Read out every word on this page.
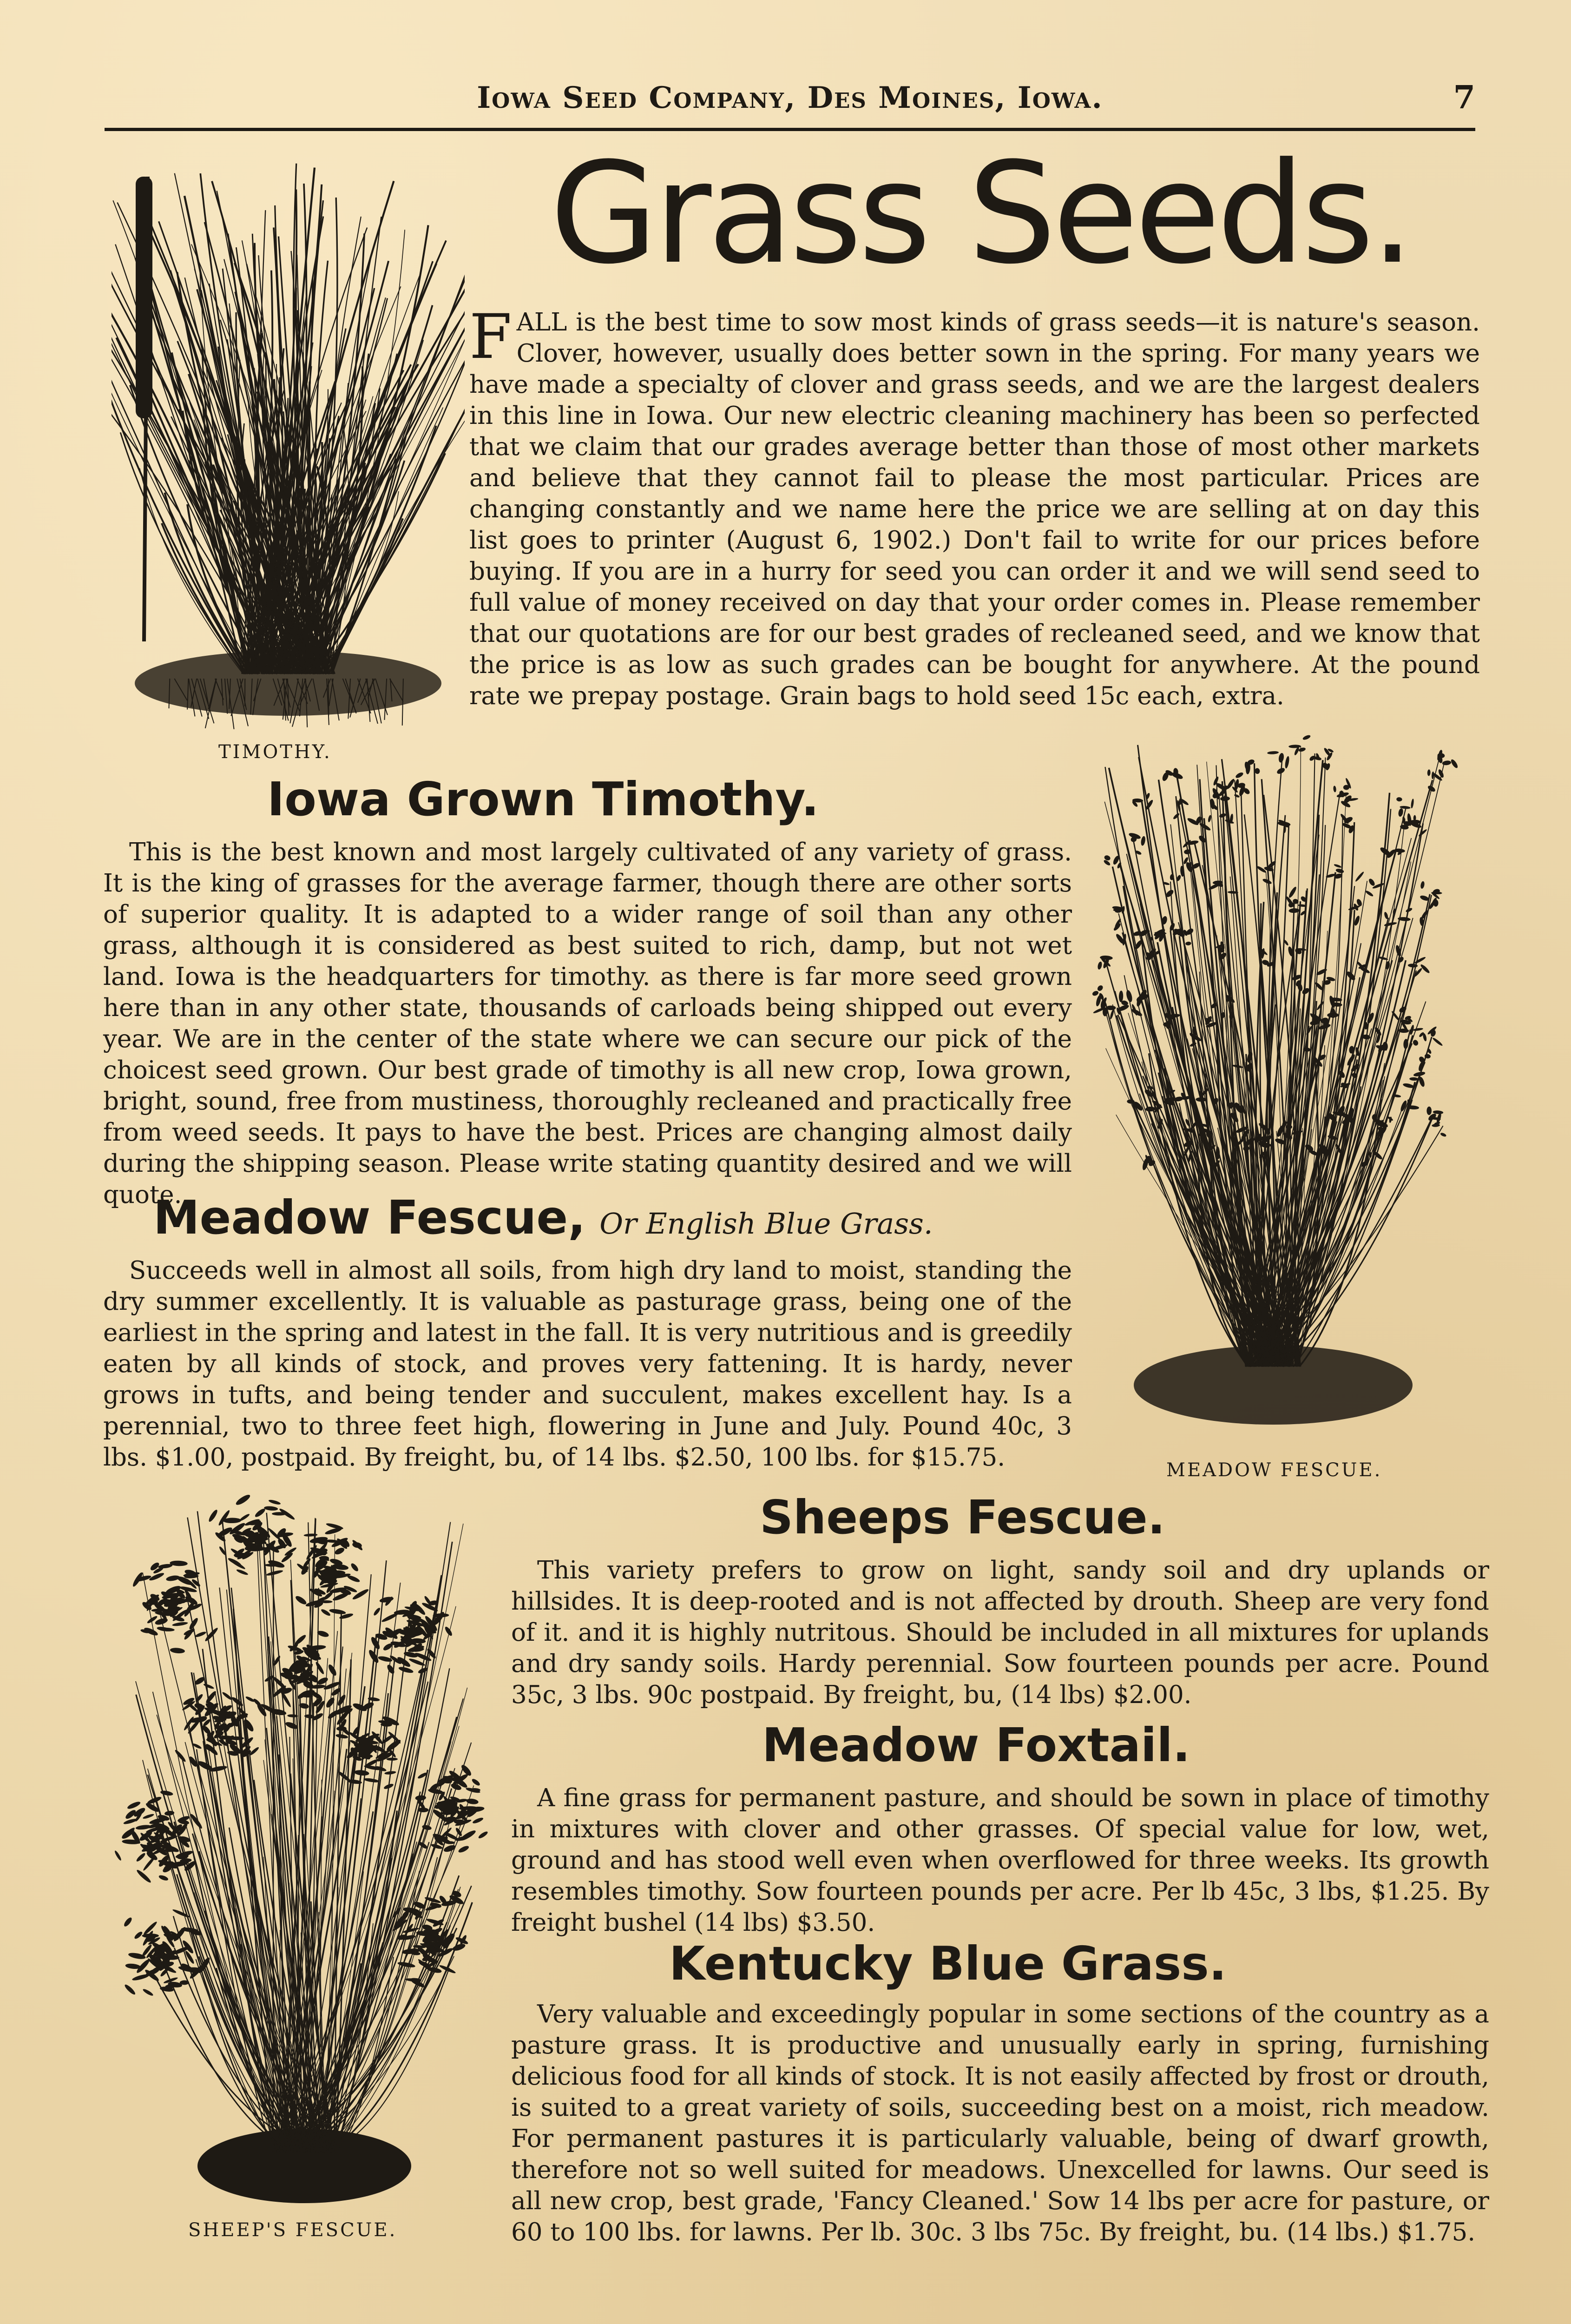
Iowa Seed Company, Des Moines, Iowa.	7
Grass Seeds.
TIMOTHY.
FALL is the best time to sow most kinds of grass seeds—it is nature's season. Clover, however, usually does better sown in the spring. For many years we have made a specialty of clover and grass seeds, and we are the largest dealers in this line in Iowa. Our new electric cleaning machinery has been so perfected that we claim that our grades average better than those of most other markets and believe that they cannot fail to please the most particular. Prices are changing constantly and we name here the price we are selling at on day this list goes to printer (August 6, 1902.) Don't fail to write for our prices before buying. If you are in a hurry for seed you can order it and we will send seed to full value of money received on day that your order comes in. Please remember that our quotations are for our best grades of recleaned seed, and we know that the price is as low as such grades can be bought for anywhere. At the pound rate we prepay postage. Grain bags to hold seed 15c each, extra.
MEADOW FESCUE.
Iowa Grown Timothy.

This is the best known and most largely cultivated of any variety of grass. It is the king of grasses for the average farmer, though there are other sorts of superior quality. It is adapted to a wider range of soil than any other grass, although it is considered as best suited to rich, damp, but not wet land. Iowa is the headquarters for timothy. as there is far more seed grown here than in any other state, thousands of carloads being shipped out every year. We are in the center of the state where we can secure our pick of the choicest seed grown. Our best grade of timothy is all new crop, Iowa grown, bright, sound, free from mustiness, thoroughly recleaned and practically free from weed seeds. It pays to have the best. Prices are changing almost daily during the shipping season. Please write stating quantity desired and we will quote.

Meadow Fescue, Or English Blue Grass.

Succeeds well in almost all soils, from high dry land to moist, standing the dry summer excellently. It is valuable as pasturage grass, being one of the earliest in the spring and latest in the fall. It is very nutritious and is greedily eaten by all kinds of stock, and proves very fattening. It is hardy, never grows in tufts, and being tender and succulent, makes excellent hay. Is a perennial, two to three feet high, flowering in June and July. Pound 40c, 3 lbs. $1.00, postpaid. By freight, bu, of 14 lbs. $2.50, 100 lbs. for $15.75.

SHEEP'S FESCUE.
Sheeps Fescue.

This variety prefers to grow on light, sandy soil and dry uplands or hillsides. It is deep-rooted and is not affected by drouth. Sheep are very fond of it. and it is highly nutritous. Should be included in all mixtures for uplands and dry sandy soils. Hardy perennial. Sow fourteen pounds per acre. Pound 35c, 3 lbs. 90c postpaid. By freight, bu, (14 lbs) $2.00.

Meadow Foxtail.

A fine grass for permanent pasture, and should be sown in place of timothy in mixtures with clover and other grasses. Of special value for low, wet, ground and has stood well even when overflowed for three weeks. Its growth resembles timothy. Sow fourteen pounds per acre. Per lb 45c, 3 lbs, $1.25. By freight bushel (14 lbs) $3.50.

Kentucky Blue Grass.

Very valuable and exceedingly popular in some sections of the country as a pasture grass. It is productive and unusually early in spring, furnishing delicious food for all kinds of stock. It is not easily affected by frost or drouth, is suited to a great variety of soils, succeeding best on a moist, rich meadow. For permanent pastures it is particularly valuable, being of dwarf growth, therefore not so well suited for meadows. Unexcelled for lawns. Our seed is all new crop, best grade, 'Fancy Cleaned.' Sow 14 lbs per acre for pasture, or 60 to 100 lbs. for lawns. Per lb. 30c. 3 lbs 75c. By freight, bu. (14 lbs.) $1.75.
